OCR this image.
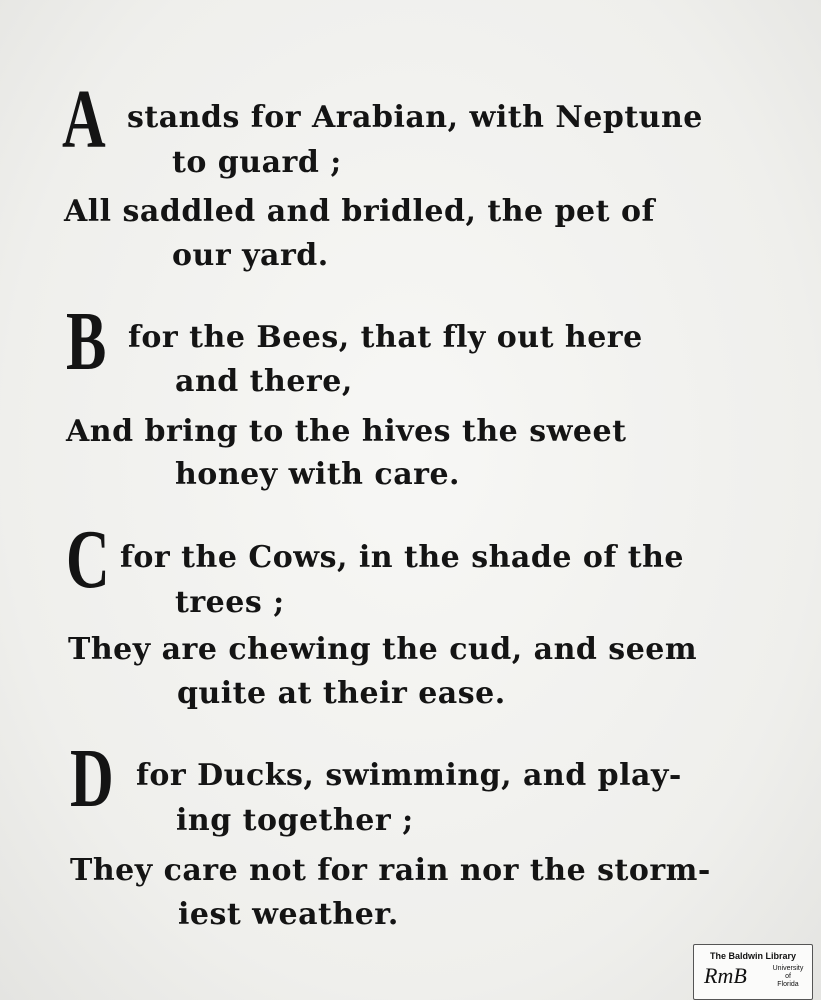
A stands for Arabian, with Neptune
to guard ;
All saddled and bridled, the pet of
our yard.
B for the Bees, that fly out here
and there,
And bring to the hives the sweet
honey with care.
C for the Cows, in the shade of the
trees ;
They are chewing the cud, and seem
quite at their ease.
D for Ducks, swimming, and play-
ing together ;
They care not for rain nor the storm-
iest weather.
The Baldwin Library
RmB	University
of
Florida
